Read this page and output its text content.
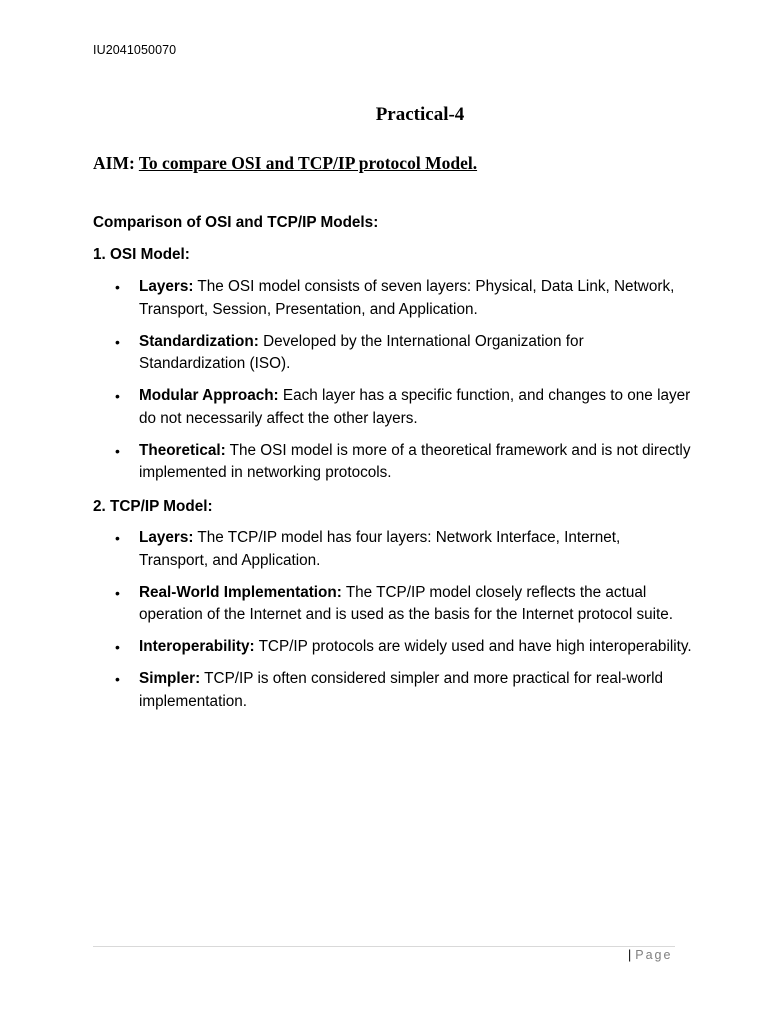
IU2041050070
Practical-4
AIM: To compare OSI and TCP/IP protocol Model.
Comparison of OSI and TCP/IP Models:
1. OSI Model:
• Layers: The OSI model consists of seven layers: Physical, Data Link, Network, Transport, Session, Presentation, and Application.
• Standardization: Developed by the International Organization for Standardization (ISO).
• Modular Approach: Each layer has a specific function, and changes to one layer do not necessarily affect the other layers.
• Theoretical: The OSI model is more of a theoretical framework and is not directly implemented in networking protocols.
2. TCP/IP Model:
• Layers: The TCP/IP model has four layers: Network Interface, Internet, Transport, and Application.
• Real-World Implementation: The TCP/IP model closely reflects the actual operation of the Internet and is used as the basis for the Internet protocol suite.
• Interoperability: TCP/IP protocols are widely used and have high interoperability.
• Simpler: TCP/IP is often considered simpler and more practical for real-world implementation.
| Page
